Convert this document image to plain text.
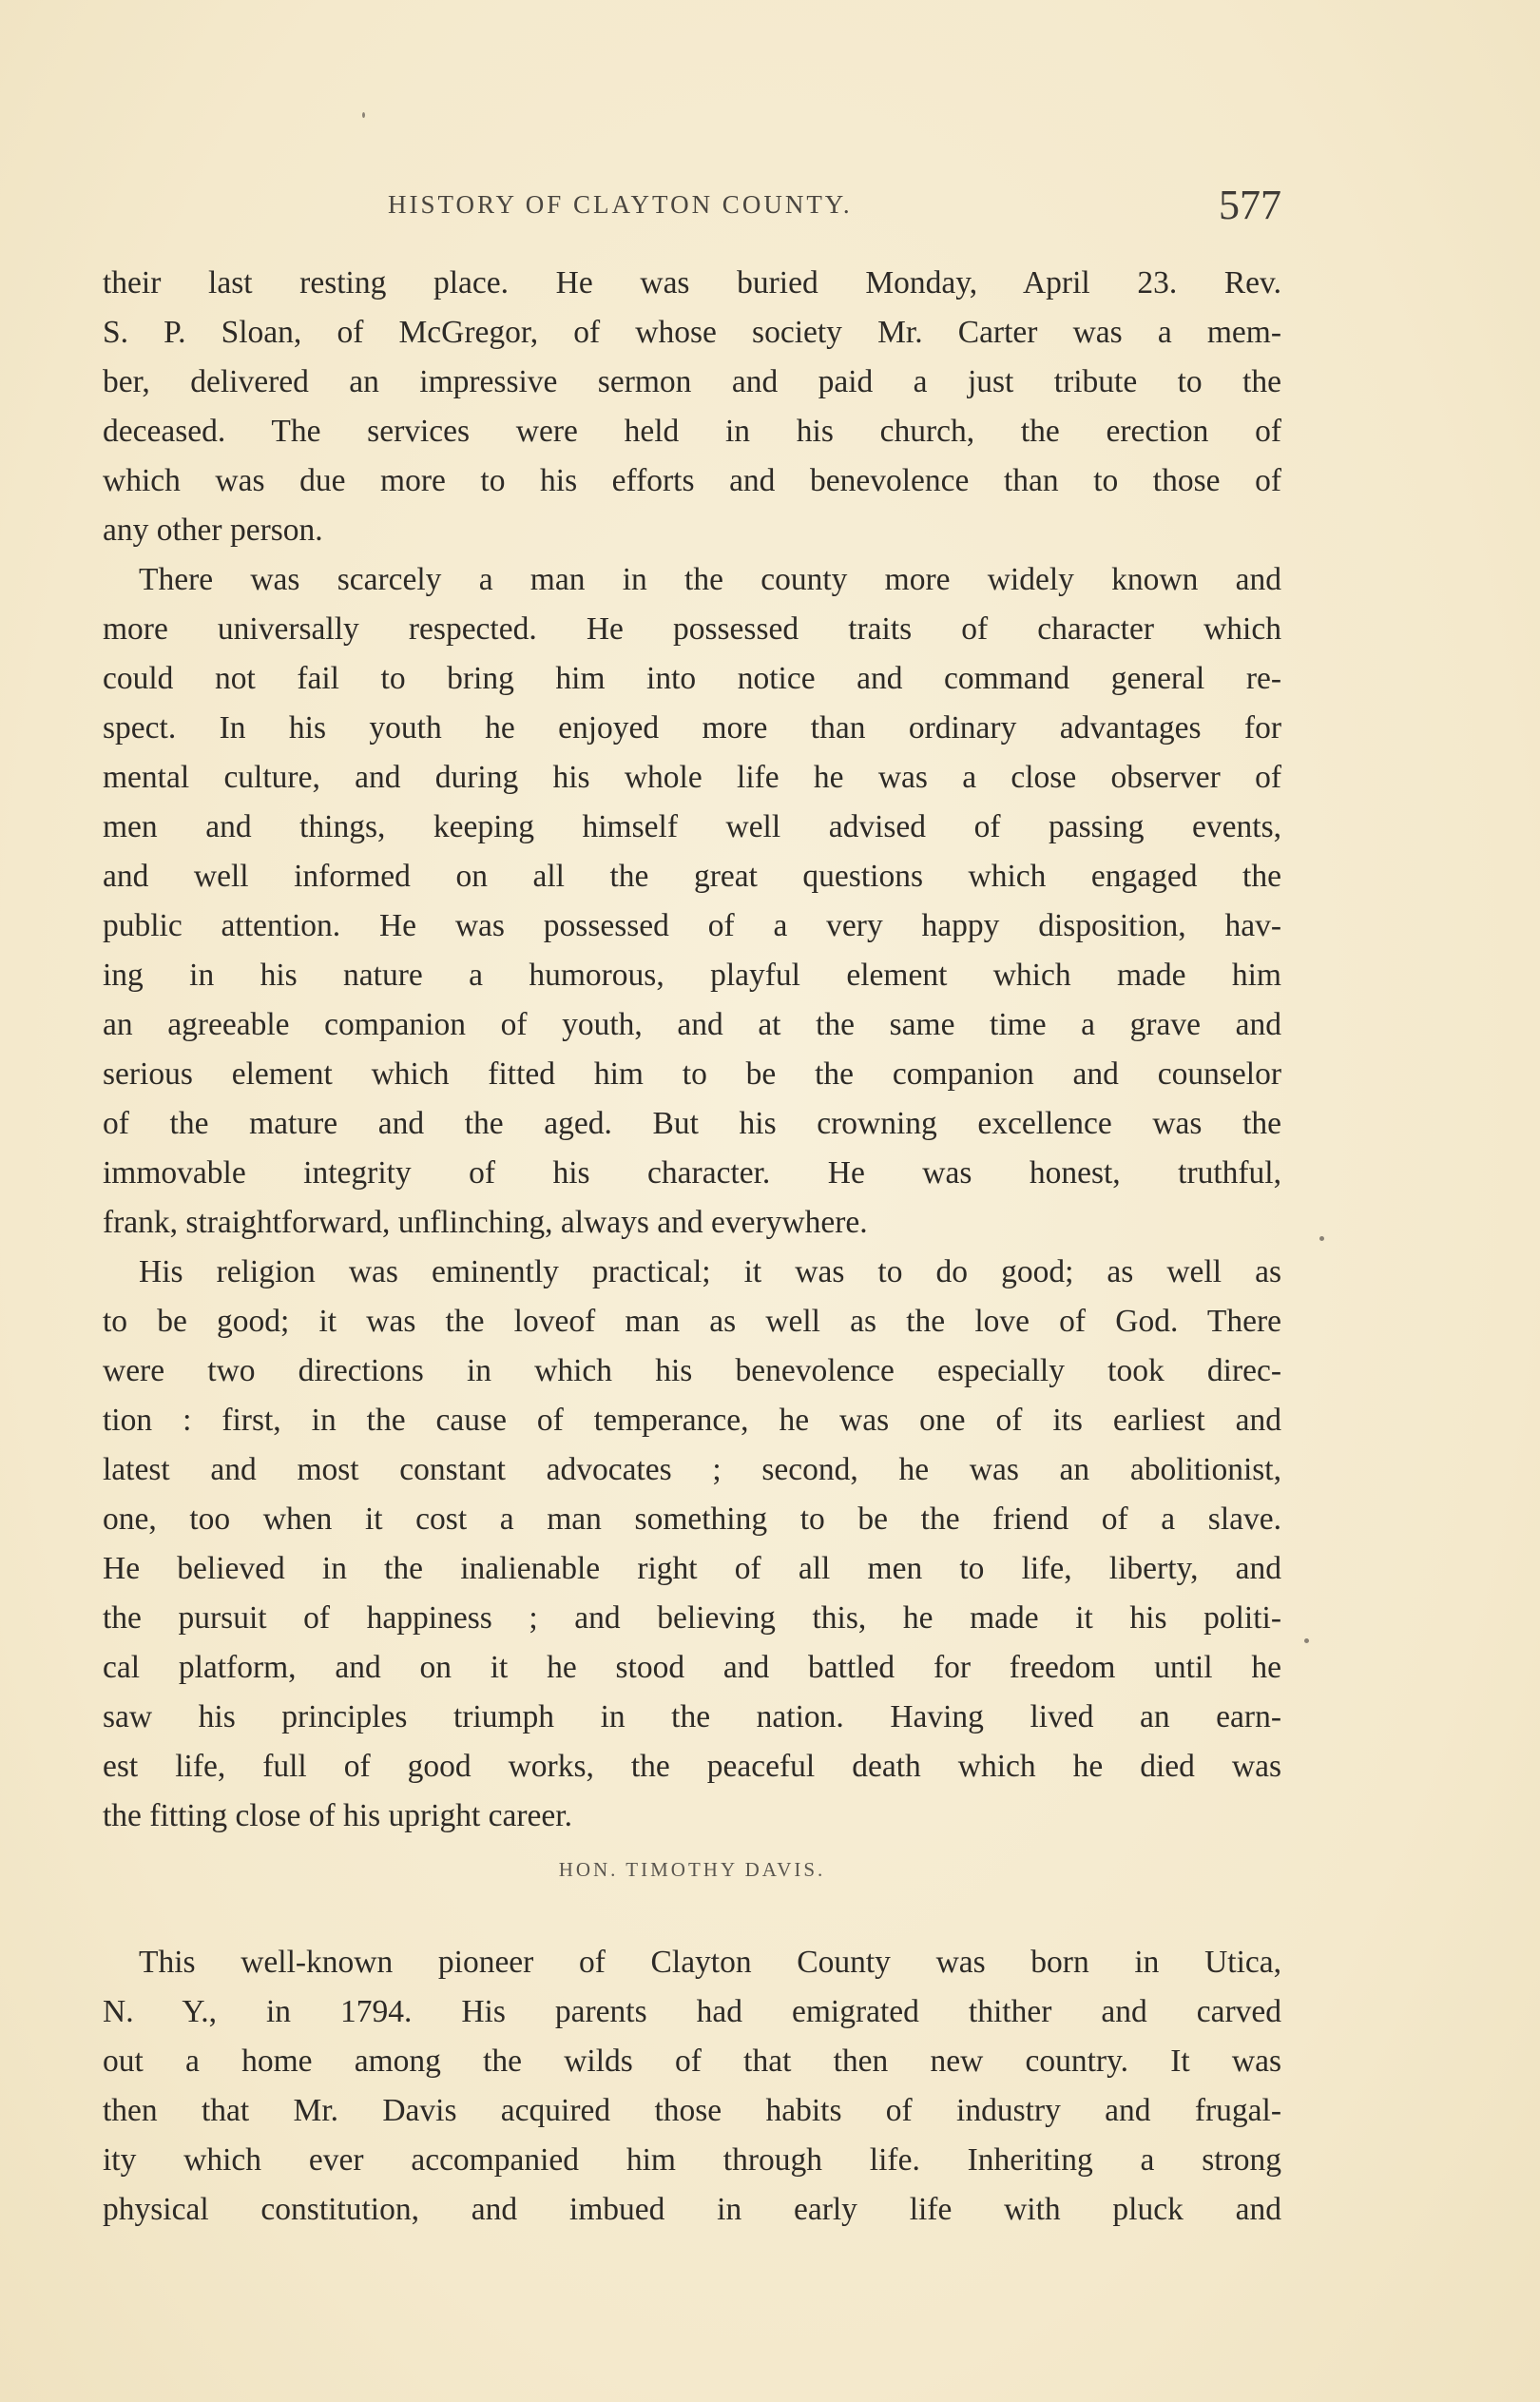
HISTORY OF CLAYTON COUNTY.	577
their last resting place. He was buried Monday, April 23. Rev.
S. P. Sloan, of McGregor, of whose society Mr. Carter was a mem-
ber, delivered an impressive sermon and paid a just tribute to the
deceased. The services were held in his church, the erection of
which was due more to his efforts and benevolence than to those of
any other person.
There was scarcely a man in the county more widely known and
more universally respected. He possessed traits of character which
could not fail to bring him into notice and command general re-
spect. In his youth he enjoyed more than ordinary advantages for
mental culture, and during his whole life he was a close observer of
men and things, keeping himself well advised of passing events,
and well informed on all the great questions which engaged the
public attention. He was possessed of a very happy disposition, hav-
ing in his nature a humorous, playful element which made him
an agreeable companion of youth, and at the same time a grave and
serious element which fitted him to be the companion and counselor
of the mature and the aged. But his crowning excellence was the
immovable integrity of his character. He was honest, truthful,
frank, straightforward, unflinching, always and everywhere.
His religion was eminently practical; it was to do good; as well as
to be good; it was the loveof man as well as the love of God. There
were two directions in which his benevolence especially took direc-
tion : first, in the cause of temperance, he was one of its earliest and
latest and most constant advocates ; second, he was an abolitionist,
one, too when it cost a man something to be the friend of a slave.
He believed in the inalienable right of all men to life, liberty, and
the pursuit of happiness ; and believing this, he made it his politi-
cal platform, and on it he stood and battled for freedom until he
saw his principles triumph in the nation. Having lived an earn-
est life, full of good works, the peaceful death which he died was
the fitting close of his upright career.
HON. TIMOTHY DAVIS.
This well-known pioneer of Clayton County was born in Utica,
N. Y., in 1794. His parents had emigrated thither and carved
out a home among the wilds of that then new country. It was
then that Mr. Davis acquired those habits of industry and frugal-
ity which ever accompanied him through life. Inheriting a strong
physical constitution, and imbued in early life with pluck and
